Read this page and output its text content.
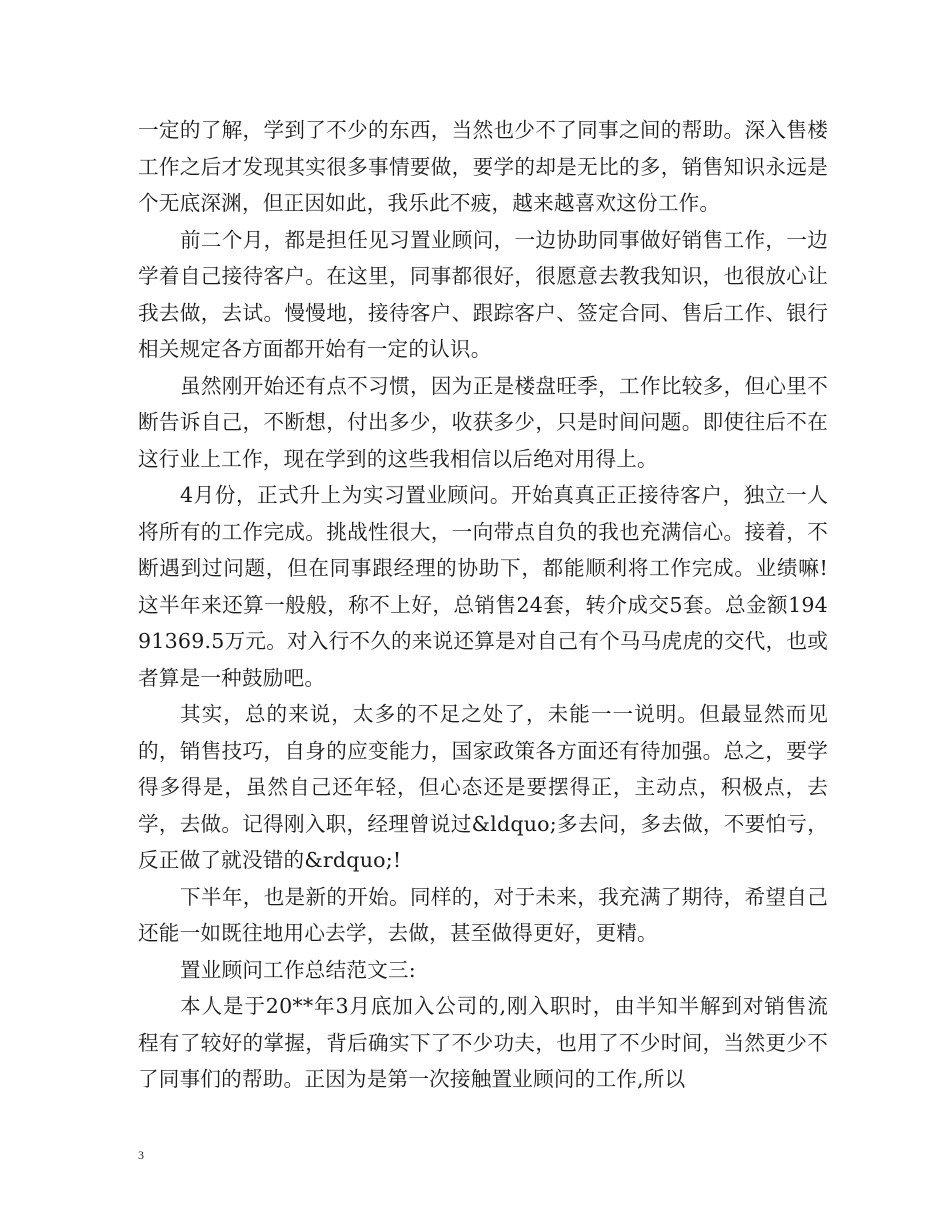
一定的了解，学到了不少的东西，当然也少不了同事之间的帮助。深入售楼工作之后才发现其实很多事情要做，要学的却是无比的多，销售知识永远是个无底深渊，但正因如此，我乐此不疲，越来越喜欢这份工作。

前二个月，都是担任见习置业顾问，一边协助同事做好销售工作，一边学着自己接待客户。在这里，同事都很好，很愿意去教我知识，也很放心让我去做，去试。慢慢地，接待客户、跟踪客户、签定合同、售后工作、银行相关规定各方面都开始有一定的认识。

虽然刚开始还有点不习惯，因为正是楼盘旺季，工作比较多，但心里不断告诉自己，不断想，付出多少，收获多少，只是时间问题。即使往后不在这行业上工作，现在学到的这些我相信以后绝对用得上。

4月份，正式升上为实习置业顾问。开始真真正正接待客户，独立一人将所有的工作完成。挑战性很大，一向带点自负的我也充满信心。接着，不断遇到过问题，但在同事跟经理的协助下，都能顺利将工作完成。业绩嘛!这半年来还算一般般，称不上好，总销售24套，转介成交5套。总金额19491369.5万元。对入行不久的来说还算是对自己有个马马虎虎的交代，也或者算是一种鼓励吧。

其实，总的来说，太多的不足之处了，未能一一说明。但最显然而见的，销售技巧，自身的应变能力，国家政策各方面还有待加强。总之，要学得多得是，虽然自己还年轻，但心态还是要摆得正，主动点，积极点，去学，去做。记得刚入职，经理曾说过&ldquo;多去问，多去做，不要怕亏，反正做了就没错的&rdquo;!

下半年，也是新的开始。同样的，对于未来，我充满了期待，希望自己还能一如既往地用心去学，去做，甚至做得更好，更精。

置业顾问工作总结范文三:

本人是于20**年3月底加入公司的,刚入职时，由半知半解到对销售流程有了较好的掌握，背后确实下了不少功夫，也用了不少时间，当然更少不了同事们的帮助。正因为是第一次接触置业顾问的工作,所以

3
